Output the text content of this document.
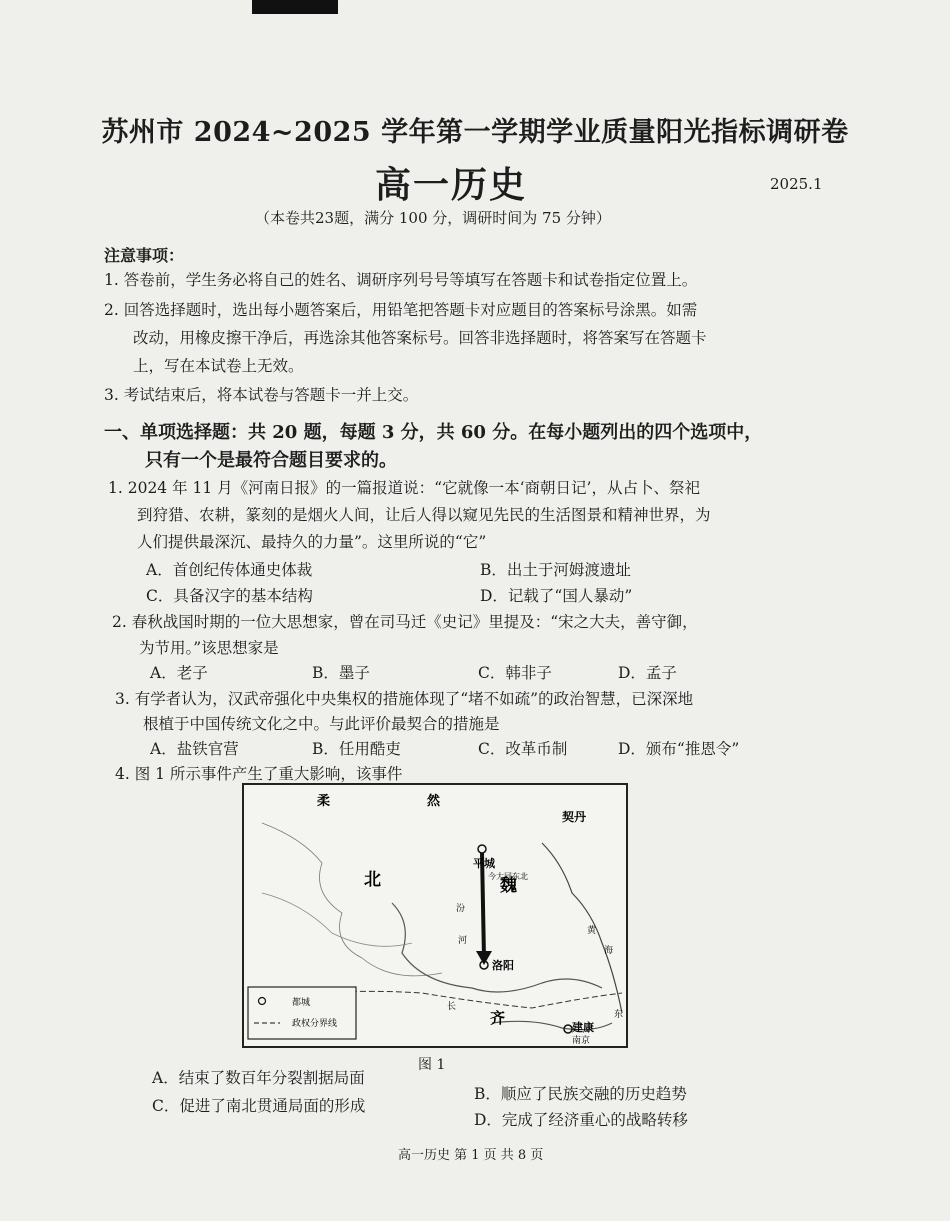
苏州市 2024~2025 学年第一学期学业质量阳光指标调研卷
高一历史	2025.1
（本卷共23题，满分 100 分，调研时间为 75 分钟）
注意事项：
1. 答卷前，学生务必将自己的姓名、调研序列号号等填写在答题卡和试卷指定位置上。
2. 回答选择题时，选出每小题答案后，用铅笔把答题卡对应题目的答案标号涂黑。如需
改动，用橡皮擦干净后，再选涂其他答案标号。回答非选择题时，将答案写在答题卡
上，写在本试卷上无效。
3. 考试结束后，将本试卷与答题卡一并上交。
一、单项选择题：共 20 题，每题 3 分，共 60 分。在每小题列出的四个选项中，
只有一个是最符合题目要求的。
1. 2024 年 11 月《河南日报》的一篇报道说：“它就像一本‘商朝日记’，从占卜、祭祀
到狩猎、农耕，篆刻的是烟火人间，让后人得以窥见先民的生活图景和精神世界，为
人们提供最深沉、最持久的力量”。这里所说的“它”
A．首创纪传体通史体裁	B．出土于河姆渡遗址
C．具备汉字的基本结构	D．记载了“国人暴动”
2. 春秋战国时期的一位大思想家，曾在司马迁《史记》里提及：“宋之大夫，善守御，
为节用。”该思想家是
A．老子	B．墨子	C．韩非子	D．孟子
3. 有学者认为，汉武帝强化中央集权的措施体现了“堵不如疏”的政治智慧，已深深地
根植于中国传统文化之中。与此评价最契合的措施是
A．盐铁官营	B．任用酷吏	C．改革币制	D．颁布“推恩令”
4. 图 1 所示事件产生了重大影响，该事件
柔	然
契丹
北	魏
平城
今大同东北
洛阳
建康
南京
齐
汾
河
黄
海
东
长
都城
政权分界线
图 1
A．结束了数百年分裂割据局面
B．顺应了民族交融的历史趋势
C．促进了南北贯通局面的形成
D．完成了经济重心的战略转移
高一历史 第 1 页 共 8 页
